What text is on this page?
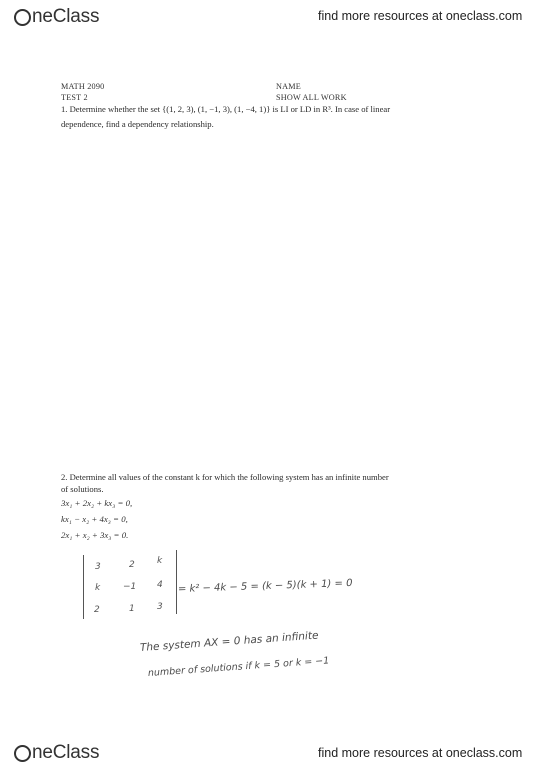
neClass	find more resources at oneclass.com
MATH 2090	NAME
TEST 2	SHOW ALL WORK
1. Determine whether the set {(1, 2, 3), (1, −1, 3), (1, −4, 1)} is LI or LD in R³. In case of linear
dependence, find a dependency relationship.
2. Determine all values of the constant k for which the following system has an infinite number
of solutions.
3x₁ + 2x₂ + kx₃ = 0,
kx₁ − x₂ + 4x₃ = 0,
2x₁ + x₂ + 3x₃ = 0.
3	2 k
k	−1 4
2	1 3
= k² − 4k − 5 = (k − 5)(k + 1) = 0
The system AX = 0 has an infinite
number of solutions if k = 5 or k = −1
neClass	find more resources at oneclass.com
